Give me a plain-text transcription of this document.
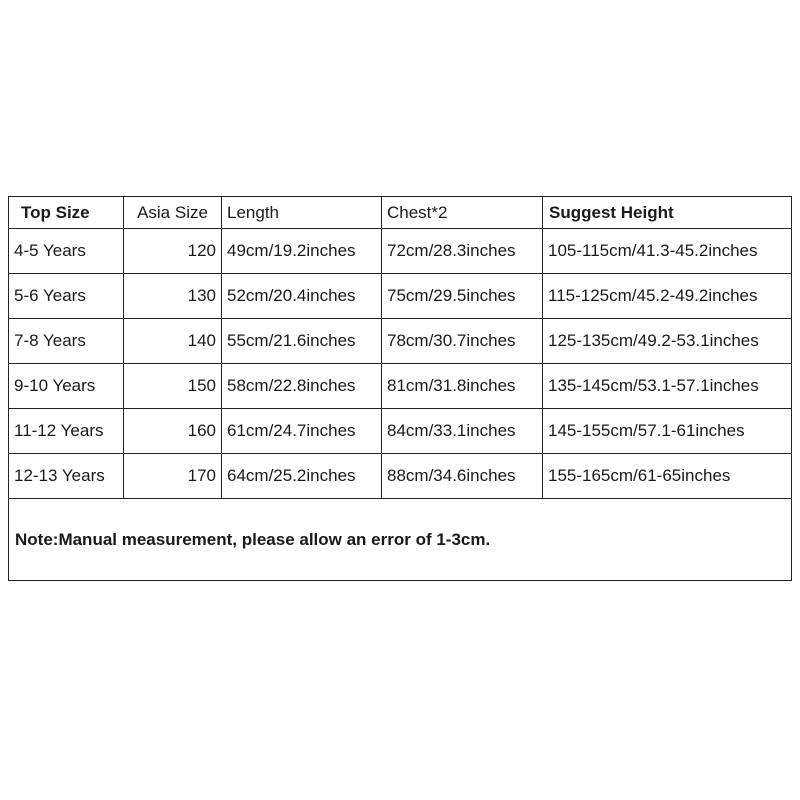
Top Size	Asia Size	Length	Chest*2	Suggest Height
4-5 Years	120	49cm/19.2inches	72cm/28.3inches	105-115cm/41.3-45.2inches
5-6 Years	130	52cm/20.4inches	75cm/29.5inches	115-125cm/45.2-49.2inches
7-8 Years	140	55cm/21.6inches	78cm/30.7inches	125-135cm/49.2-53.1inches
9-10 Years	150	58cm/22.8inches	81cm/31.8inches	135-145cm/53.1-57.1inches
11-12 Years	160	61cm/24.7inches	84cm/33.1inches	145-155cm/57.1-61inches
12-13 Years	170	64cm/25.2inches	88cm/34.6inches	155-165cm/61-65inches
Note:Manual measurement, please allow an error of 1-3cm.				
